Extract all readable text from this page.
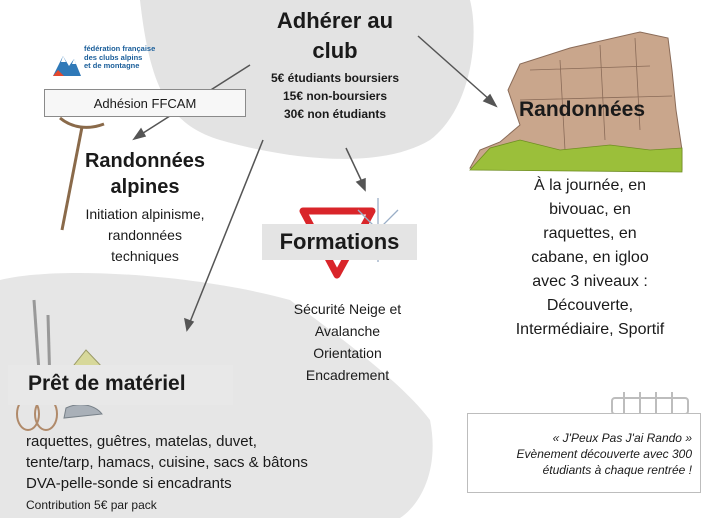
fédération française
des clubs alpins
et de montagne
Adhésion FFCAM
Adhérer au
club
5€ étudiants boursiers
15€ non-boursiers
30€ non étudiants
Randonnées
alpines
Initiation alpinisme,
randonnées
techniques
Formations
Sécurité Neige et
Avalanche
Orientation
Encadrement
Randonnées
À la journée, en
bivouac, en
raquettes, en
cabane, en igloo
avec 3 niveaux :
Découverte,
Intermédiaire, Sportif
Prêt de matériel
raquettes, guêtres, matelas, duvet,
tente/tarp, hamacs, cuisine, sacs & bâtons
DVA-pelle-sonde si encadrants
Contribution 5€ par pack
« J'Peux Pas J'ai Rando »
Evènement découverte avec 300
étudiants à chaque rentrée !
